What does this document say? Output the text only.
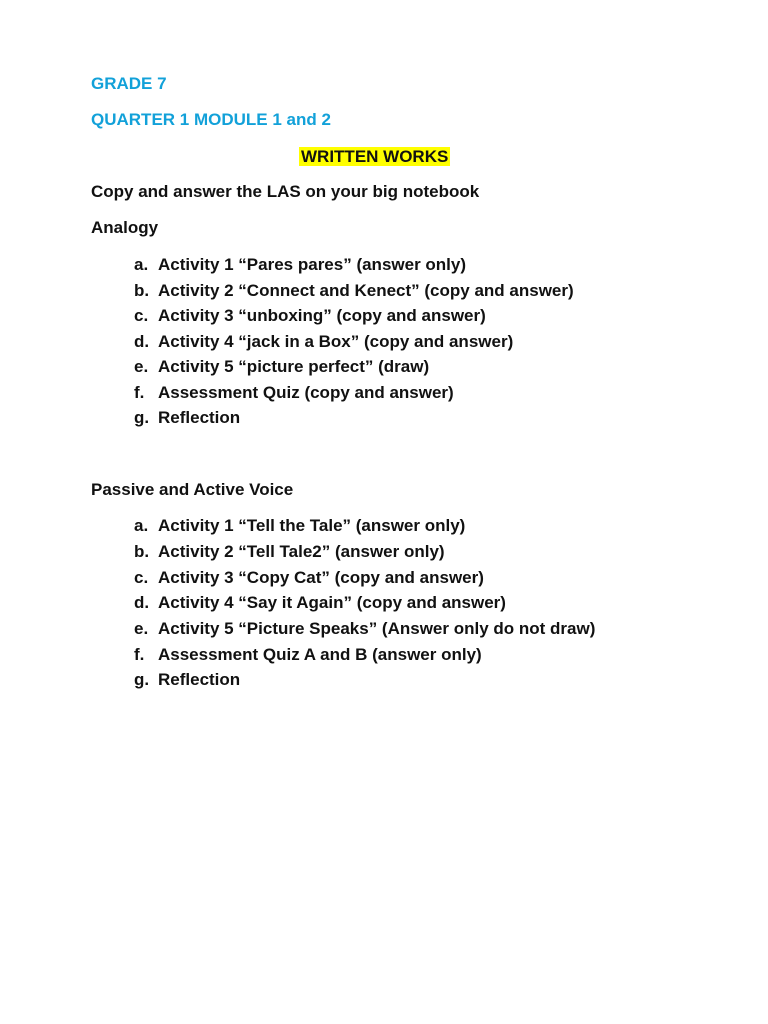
GRADE 7
QUARTER 1 MODULE 1 and 2
WRITTEN WORKS
Copy and answer the LAS on your big notebook
Analogy
a. Activity 1 “Pares pares” (answer only)
b. Activity 2 “Connect and Kenect” (copy and answer)
c. Activity 3 “unboxing” (copy and answer)
d. Activity 4 “jack in a Box” (copy and answer)
e. Activity 5 “picture perfect” (draw)
f. Assessment Quiz (copy and answer)
g. Reflection
Passive and Active Voice
a. Activity 1 “Tell the Tale” (answer only)
b. Activity 2 “Tell Tale2” (answer only)
c. Activity 3 “Copy Cat” (copy and answer)
d. Activity 4 “Say it Again” (copy and answer)
e. Activity 5 “Picture Speaks” (Answer only do not draw)
f. Assessment Quiz A and B (answer only)
g. Reflection
